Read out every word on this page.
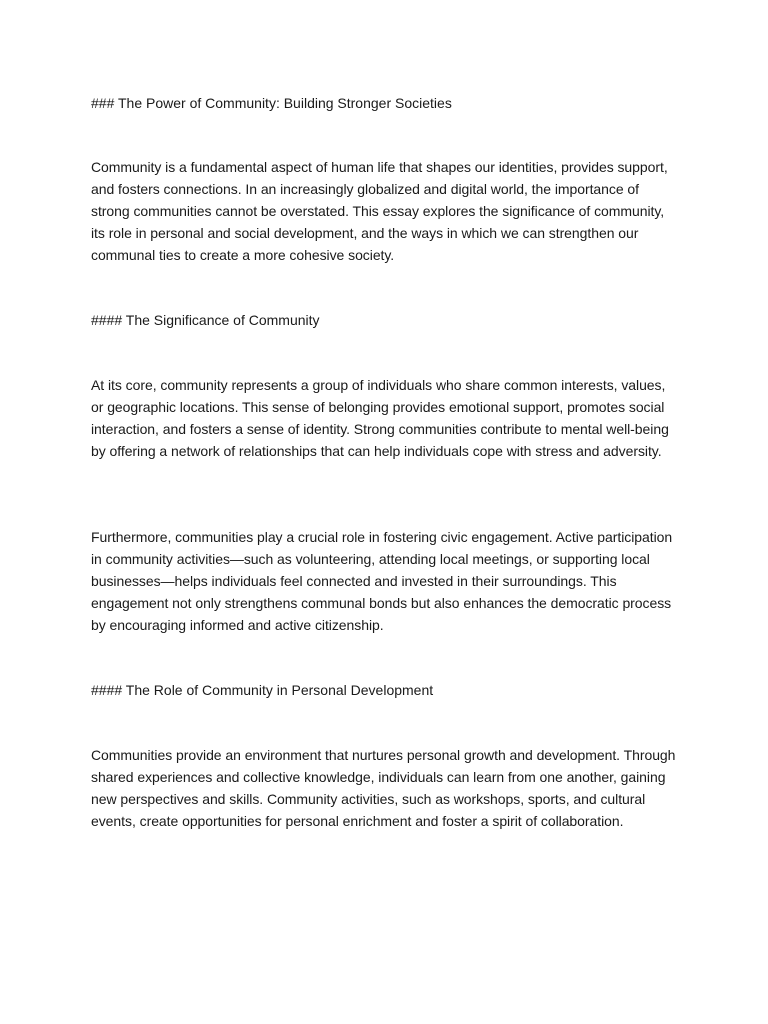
### The Power of Community: Building Stronger Societies

Community is a fundamental aspect of human life that shapes our identities, provides support, and fosters connections. In an increasingly globalized and digital world, the importance of strong communities cannot be overstated. This essay explores the significance of community, its role in personal and social development, and the ways in which we can strengthen our communal ties to create a more cohesive society.

#### The Significance of Community

At its core, community represents a group of individuals who share common interests, values, or geographic locations. This sense of belonging provides emotional support, promotes social interaction, and fosters a sense of identity. Strong communities contribute to mental well-being by offering a network of relationships that can help individuals cope with stress and adversity.

Furthermore, communities play a crucial role in fostering civic engagement. Active participation in community activities—such as volunteering, attending local meetings, or supporting local businesses—helps individuals feel connected and invested in their surroundings. This engagement not only strengthens communal bonds but also enhances the democratic process by encouraging informed and active citizenship.

#### The Role of Community in Personal Development

Communities provide an environment that nurtures personal growth and development. Through shared experiences and collective knowledge, individuals can learn from one another, gaining new perspectives and skills. Community activities, such as workshops, sports, and cultural events, create opportunities for personal enrichment and foster a spirit of collaboration.
